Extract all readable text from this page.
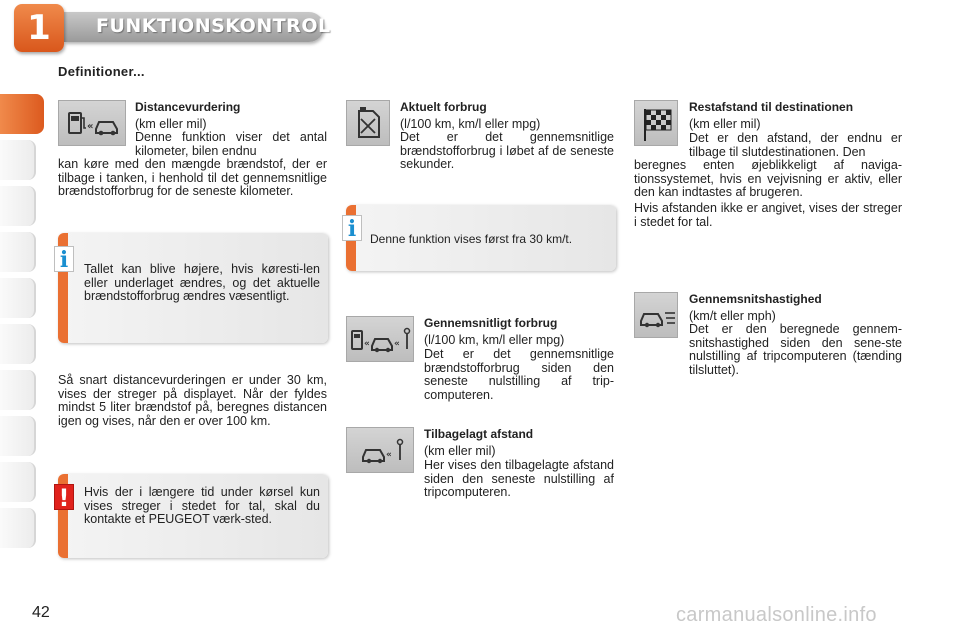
1	FUNKTIONSKONTROL
Definitioner...
«
Distancevurdering
(km eller mil)
Denne funktion viser det antal kilometer, bilen endnu
kan køre med den mængde brændstof, der er tilbage i tanken, i henhold til det gennemsnitlige brændstofforbrug for de seneste kilometer.
Tallet kan blive højere, hvis køresti-len eller underlaget ændres, og det aktuelle brændstofforbrug ændres væsentligt.
i
Så snart distancevurderingen er under 30 km, vises der streger på displayet. Når der fyldes mindst 5 liter brændstof på, beregnes distancen igen og vises, når den er over 100 km.
Hvis der i længere tid under kørsel kun vises streger i stedet for tal, skal du kontakte et PEUGEOT værk-sted.
!
Aktuelt forbrug
(l/100 km, km/l eller mpg)
Det er det gennemsnitlige brændstofforbrug i løbet af de seneste sekunder.
Denne funktion vises først fra 30 km/t.
i
«	«
Gennemsnitligt forbrug
(l/100 km, km/l eller mpg)
Det er det gennemsnitlige brændstofforbrug siden den seneste nulstilling af trip-computeren.
«
Tilbagelagt afstand
(km eller mil)
Her vises den tilbagelagte afstand siden den seneste nulstilling af tripcomputeren.
Restafstand til destinationen
(km eller mil)
Det er den afstand, der endnu er tilbage til slutdestinationen. Den
beregnes enten øjeblikkeligt af naviga-tionssystemet, hvis en vejvisning er aktiv, eller den kan indtastes af brugeren.
Hvis afstanden ikke er angivet, vises der streger i stedet for tal.
Gennemsnitshastighed
(km/t eller mph)
Det er den beregnede gennem-snitshastighed siden den sene-ste nulstilling af tripcomputeren (tænding tilsluttet).
42	carmanualsonline.info
